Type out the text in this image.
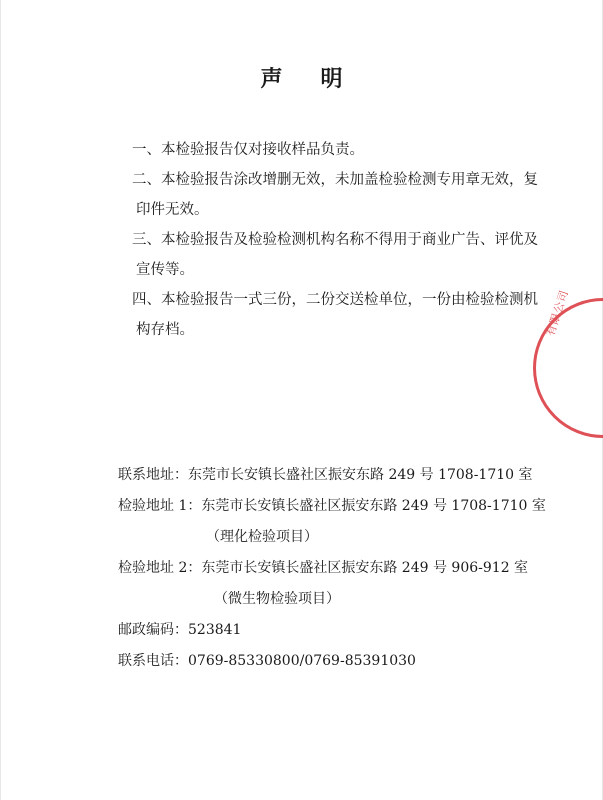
声明
一、本检验报告仅对接收样品负责。
二、本检验报告涂改增删无效，未加盖检验检测专用章无效，复
印件无效。
三、本检验报告及检验检测机构名称不得用于商业广告、评优及
宣传等。
四、本检验报告一式三份，二份交送检单位，一份由检验检测机
构存档。	有限公司
联系地址：东莞市长安镇长盛社区振安东路 249 号 1708-1710 室
检验地址 1：东莞市长安镇长盛社区振安东路 249 号 1708-1710 室
（理化检验项目）
检验地址 2：东莞市长安镇长盛社区振安东路 249 号 906-912 室
（微生物检验项目）
邮政编码：523841
联系电话：0769-85330800/0769-85391030
